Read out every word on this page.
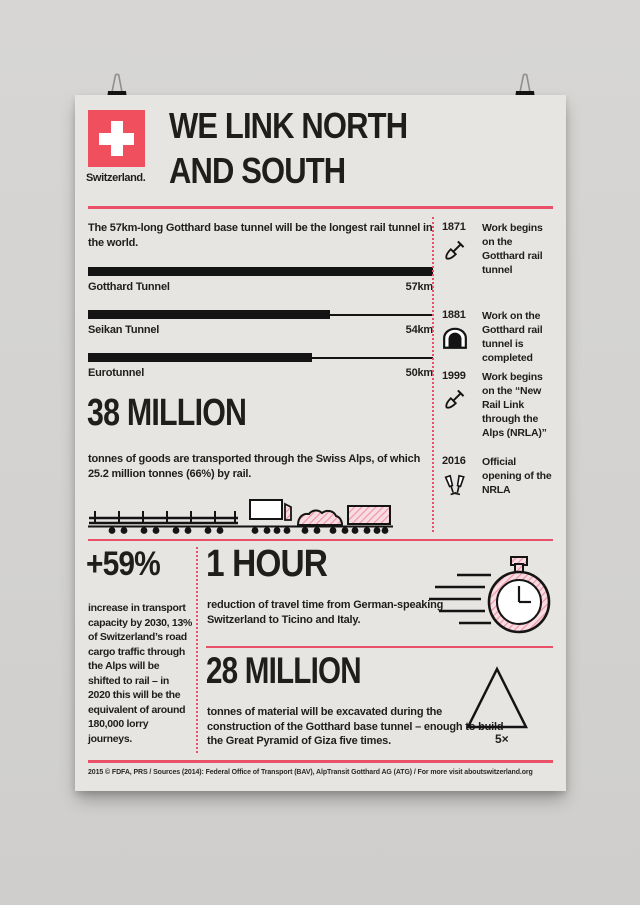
Switzerland.
WE LINK NORTH
AND SOUTH
The 57km-long Gotthard base tunnel will be the longest rail tunnel in the world.
Gotthard Tunnel	57km
Seikan Tunnel	54km
Eurotunnel	50km
38 MILLION
tonnes of goods are transported through the Swiss Alps, of which 25.2 million tonnes (66%) by rail.
1871	Work begins on the Gotthard rail tunnel
1881	Work on the Gotthard rail tunnel is completed
1999	Work begins on the “New Rail Link through the Alps (NRLA)”
2016	Official opening of the NRLA
+59%
increase in transport capacity by 2030, 13% of Switzerland’s road cargo traffic through the Alps will be shifted to rail – in 2020 this will be the equivalent of around 180,000 lorry journeys.
1 HOUR
reduction of travel time from German-speaking Switzerland to Ticino and Italy.
28 MILLION
tonnes of material will be excavated during the construction of the Gotthard base tunnel – enough to build the Great Pyramid of Giza five times.	5×
2015 © FDFA, PRS / Sources (2014): Federal Office of Transport (BAV), AlpTransit Gotthard AG (ATG) / For more visit aboutswitzerland.org
